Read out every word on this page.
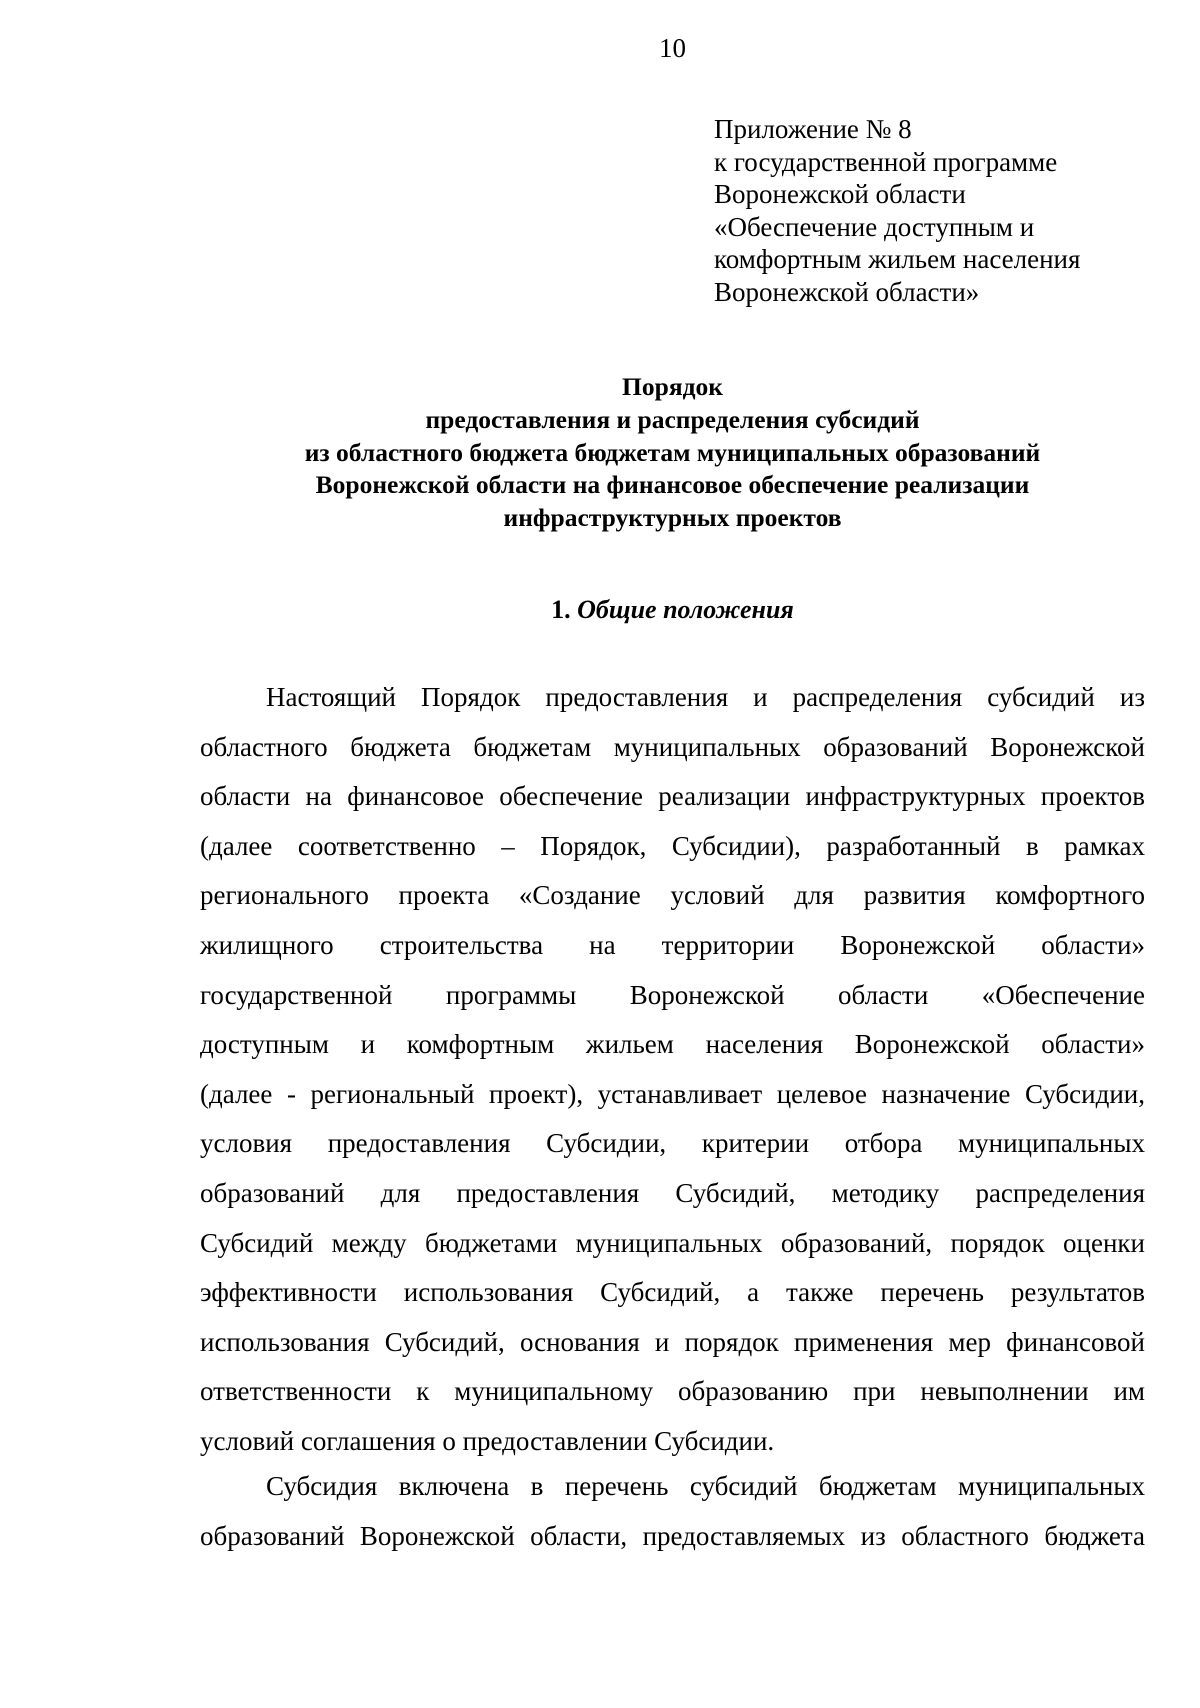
10
Приложение № 8
к государственной программе
Воронежской области
«Обеспечение доступным и
комфортным жильем населения
Воронежской области»
Порядок
предоставления и распределения субсидий
из областного бюджета бюджетам муниципальных образований
Воронежской области на финансовое обеспечение реализации
инфраструктурных проектов
1. Общие положения
Настоящий Порядок предоставления и распределения субсидий из
областного бюджета бюджетам муниципальных образований Воронежской
области на финансовое обеспечение реализации инфраструктурных проектов
(далее соответственно – Порядок, Субсидии), разработанный в рамках
регионального проекта «Создание условий для развития комфортного
жилищного строительства на территории Воронежской области»
государственной программы Воронежской области «Обеспечение
доступным и комфортным жильем населения Воронежской области»
(далее - региональный проект), устанавливает целевое назначение Субсидии,
условия предоставления Субсидии, критерии отбора муниципальных
образований для предоставления Субсидий, методику распределения
Субсидий между бюджетами муниципальных образований, порядок оценки
эффективности использования Субсидий, а также перечень результатов
использования Субсидий, основания и порядок применения мер финансовой
ответственности к муниципальному образованию при невыполнении им
условий соглашения о предоставлении Субсидии.
Субсидия включена в перечень субсидий бюджетам муниципальных
образований Воронежской области, предоставляемых из областного бюджета
